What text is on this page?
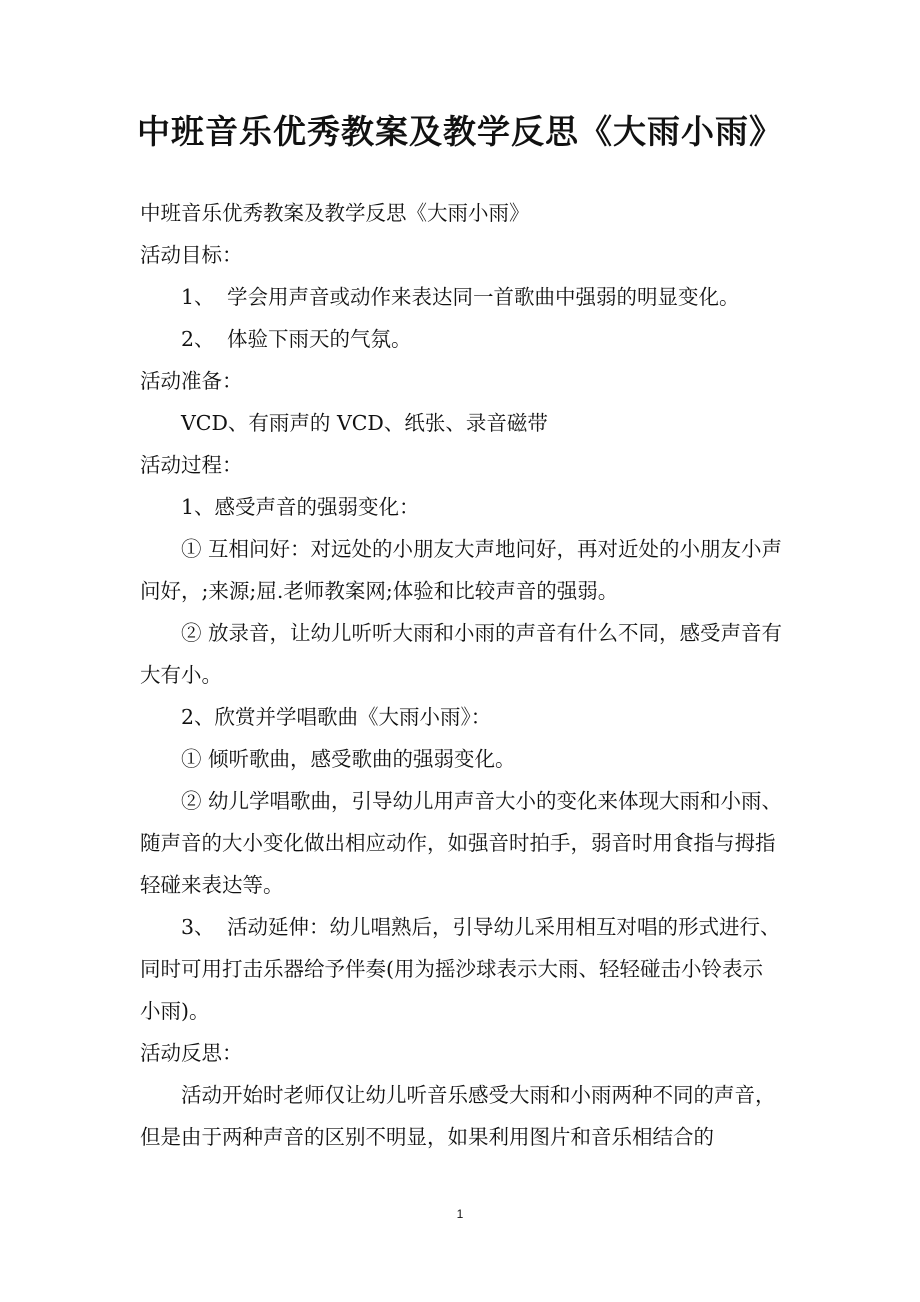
中班音乐优秀教案及教学反思《大雨小雨》

中班音乐优秀教案及教学反思《大雨小雨》

活动目标：

1、 学会用声音或动作来表达同一首歌曲中强弱的明显变化。

2、 体验下雨天的气氛。

活动准备：

VCD、有雨声的 VCD、纸张、录音磁带

活动过程：

1、感受声音的强弱变化：

① 互相问好：对远处的小朋友大声地问好，再对近处的小朋友小声问好，;来源;屈.老师教案网;体验和比较声音的强弱。

② 放录音，让幼儿听听大雨和小雨的声音有什么不同，感受声音有大有小。

2、欣赏并学唱歌曲《大雨小雨》：

① 倾听歌曲，感受歌曲的强弱变化。

② 幼儿学唱歌曲，引导幼儿用声音大小的变化来体现大雨和小雨、随声音的大小变化做出相应动作，如强音时拍手，弱音时用食指与拇指轻碰来表达等。

3、 活动延伸：幼儿唱熟后，引导幼儿采用相互对唱的形式进行、同时可用打击乐器给予伴奏(用为摇沙球表示大雨、轻轻碰击小铃表示小雨)。

活动反思：

活动开始时老师仅让幼儿听音乐感受大雨和小雨两种不同的声音，但是由于两种声音的区别不明显，如果利用图片和音乐相结合的

1
